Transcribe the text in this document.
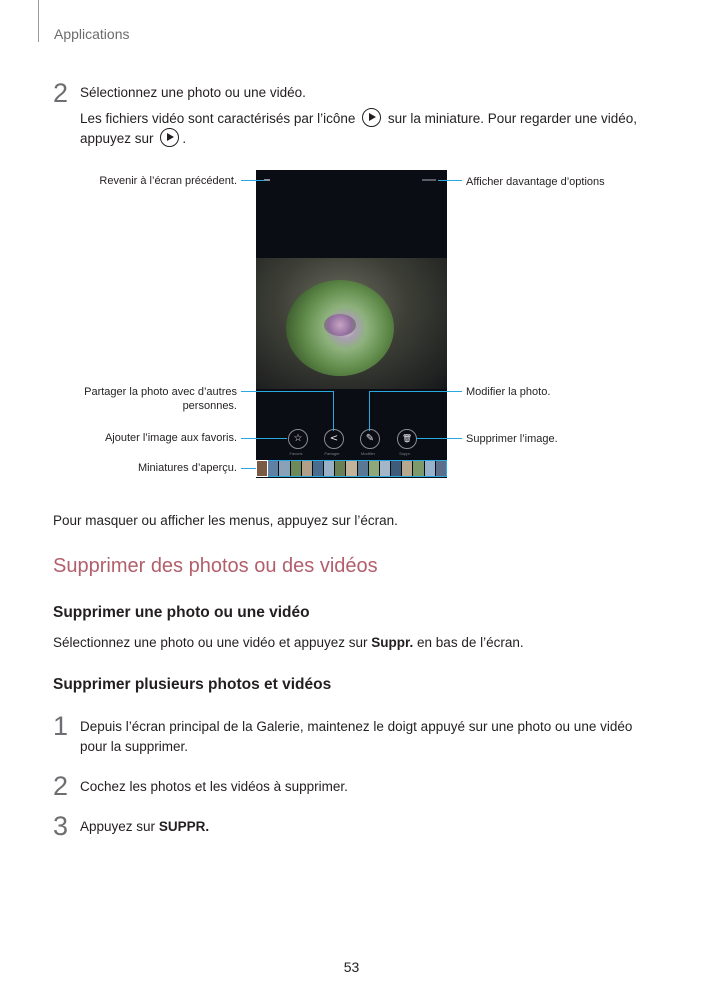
Applications
2 Sélectionnez une photo ou une vidéo.
Les fichiers vidéo sont caractérisés par l’icône sur la miniature. Pour regarder une vidéo,
appuyez sur .
☆	<	✎	🗑
Favoris	Partager	Modifier	Suppr.
Revenir à l’écran précédent.	Afficher davantage d’options
Partager la photo avec d’autres
personnes.
Modifier la photo.
Ajouter l’image aux favoris.	Supprimer l’image.
Miniatures d’aperçu.
Pour masquer ou afficher les menus, appuyez sur l’écran.
Supprimer des photos ou des vidéos
Supprimer une photo ou une vidéo
Sélectionnez une photo ou une vidéo et appuyez sur Suppr. en bas de l’écran.
Supprimer plusieurs photos et vidéos
1 Depuis l’écran principal de la Galerie, maintenez le doigt appuyé sur une photo ou une vidéo
pour la supprimer.
2 Cochez les photos et les vidéos à supprimer.
3 Appuyez sur SUPPR.
53
